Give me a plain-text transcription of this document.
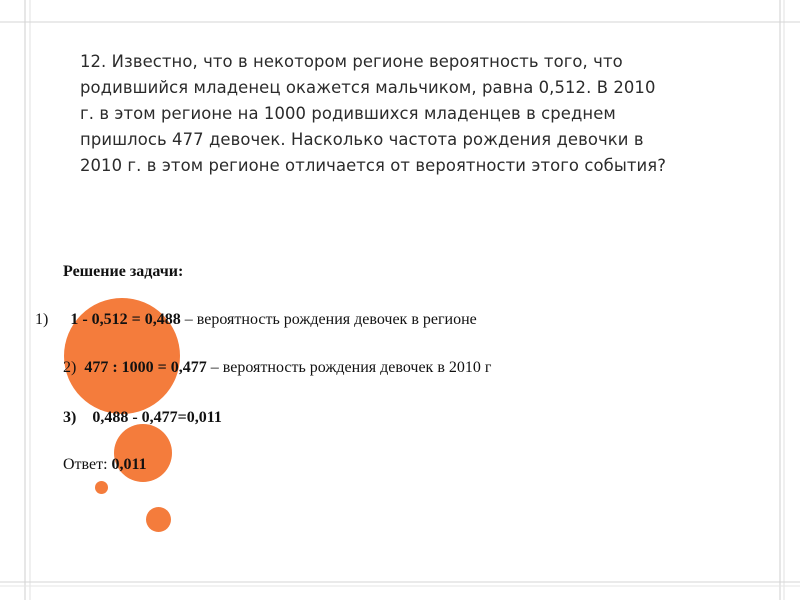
12. Известно, что в некотором регионе вероятность того, что
родившийся младенец окажется мальчиком, равна 0,512. В 2010
г. в этом регионе на 1000 родившихся младенцев в среднем
пришлось 477 девочек. Насколько частота рождения девочки в
2010 г. в этом регионе отличается от вероятности этого события?
Решение задачи:
1) 1 - 0,512 = 0,488 – вероятность рождения девочек в регионе
2) 477 : 1000 = 0,477 – вероятность рождения девочек в 2010 г
3) 0,488 - 0,477=0,011
Ответ: 0,011
